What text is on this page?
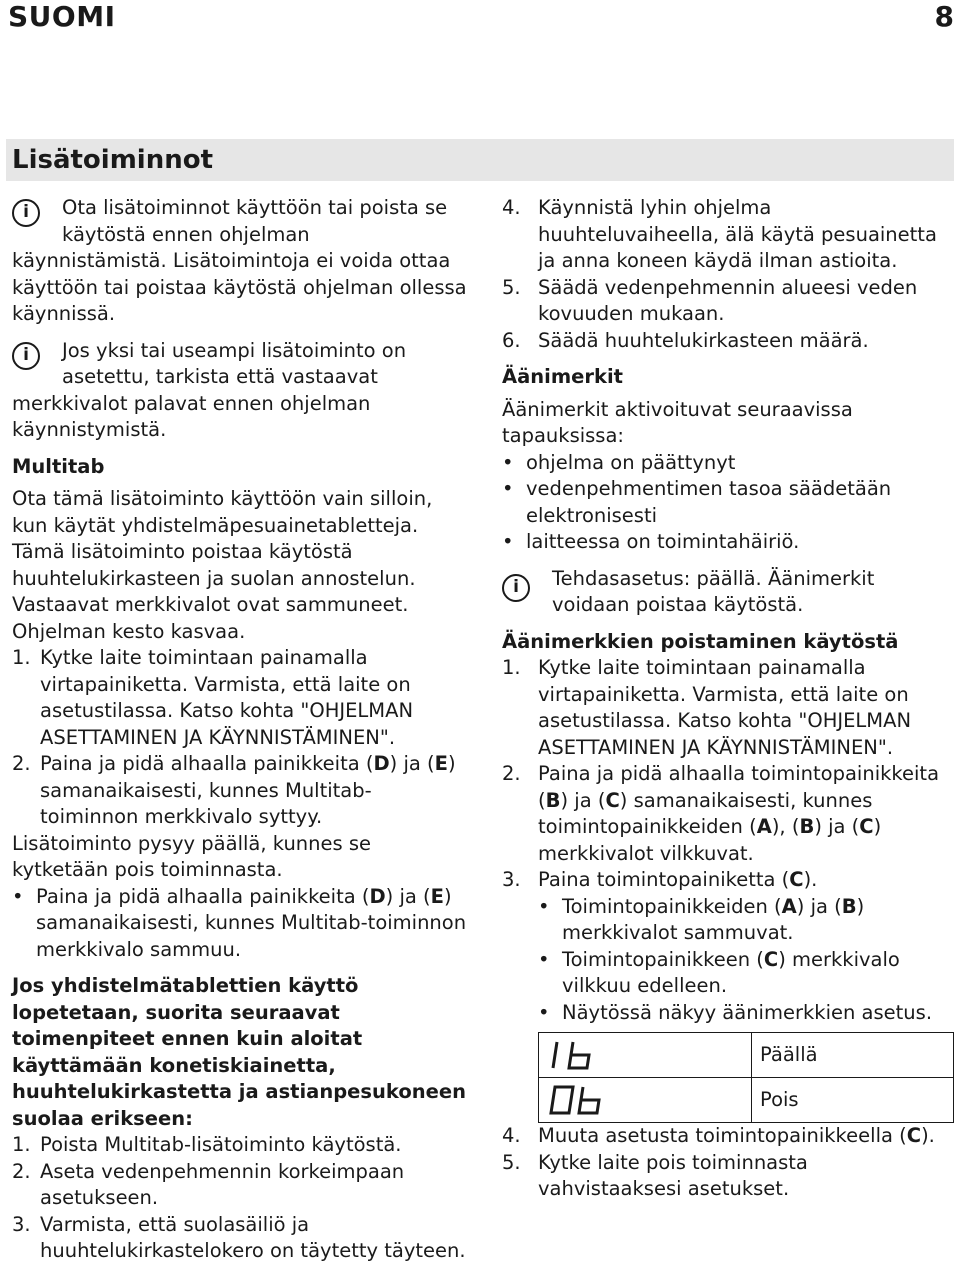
SUOMI	8
Lisätoiminnot
i	Ota lisätoiminnot käyttöön tai poista se käytöstä ennen ohjelman käynnistämistä. Lisätoimintoja ei voida ottaa käyttöön tai poistaa käytöstä ohjelman ollessa käynnissä.
i	Jos yksi tai useampi lisätoiminto on asetettu, tarkista että vastaavat merkkivalot palavat ennen ohjelman käynnistymistä.

Multitab

Ota tämä lisätoiminto käyttöön vain silloin, kun käytät yhdistelmäpesuainetabletteja. Tämä lisätoiminto poistaa käytöstä huuhtelukirkasteen ja suolan annostelun. Vastaavat merkkivalot ovat sammuneet. Ohjelman kesto kasvaa.

1. Kytke laite toimintaan painamalla virtapainiketta. Varmista, että laite on asetustilassa. Katso kohta "OHJELMAN ASETTAMINEN JA KÄYNNISTÄMINEN".
2. Paina ja pidä alhaalla painikkeita (D) ja (E) samanaikaisesti, kunnes Multitab-toiminnon merkkivalo syttyy.

Lisätoiminto pysyy päällä, kunnes se kytketään pois toiminnasta.

• Paina ja pidä alhaalla painikkeita (D) ja (E) samanaikaisesti, kunnes Multitab-toiminnon merkkivalo sammuu.

Jos yhdistelmätablettien käyttö lopetetaan, suorita seuraavat toimenpiteet ennen kuin aloitat käyttämään konetiskiainetta, huuhtelukirkastetta ja astianpesukoneen suolaa erikseen:

1. Poista Multitab-lisätoiminto käytöstä.
2. Aseta vedenpehmennin korkeimpaan asetukseen.
3. Varmista, että suolasäiliö ja huuhtelukirkastelokero on täytetty täyteen.
4. Käynnistä lyhin ohjelma huuhteluvaiheella, älä käytä pesuainetta ja anna koneen käydä ilman astioita.
5. Säädä vedenpehmennin alueesi veden kovuuden mukaan.
6. Säädä huuhtelukirkasteen määrä.

Äänimerkit

Äänimerkit aktivoituvat seuraavissa tapauksissa:

• ohjelma on päättynyt
• vedenpehmentimen tasoa säädetään elektronisesti
• laitteessa on toimintahäiriö.
i	Tehdasasetus: päällä. Äänimerkit voidaan poistaa käytöstä.

Äänimerkkien poistaminen käytöstä

1. Kytke laite toimintaan painamalla virtapainiketta. Varmista, että laite on asetustilassa. Katso kohta "OHJELMAN ASETTAMINEN JA KÄYNNISTÄMINEN".
2. Paina ja pidä alhaalla toimintopainikkeita (B) ja (C) samanaikaisesti, kunnes toimintopainikkeiden (A), (B) ja (C) merkkivalot vilkkuvat.
3. Paina toimintopainiketta (C).
• Toimintopainikkeiden (A) ja (B) merkkivalot sammuvat.
• Toimintopainikkeen (C) merkkivalo vilkkuu edelleen.
• Näytössä näkyy äänimerkkien asetus.
	Päällä

	Pois
4. Muuta asetusta toimintopainikkeella (C).
5. Kytke laite pois toiminnasta vahvistaaksesi asetukset.
